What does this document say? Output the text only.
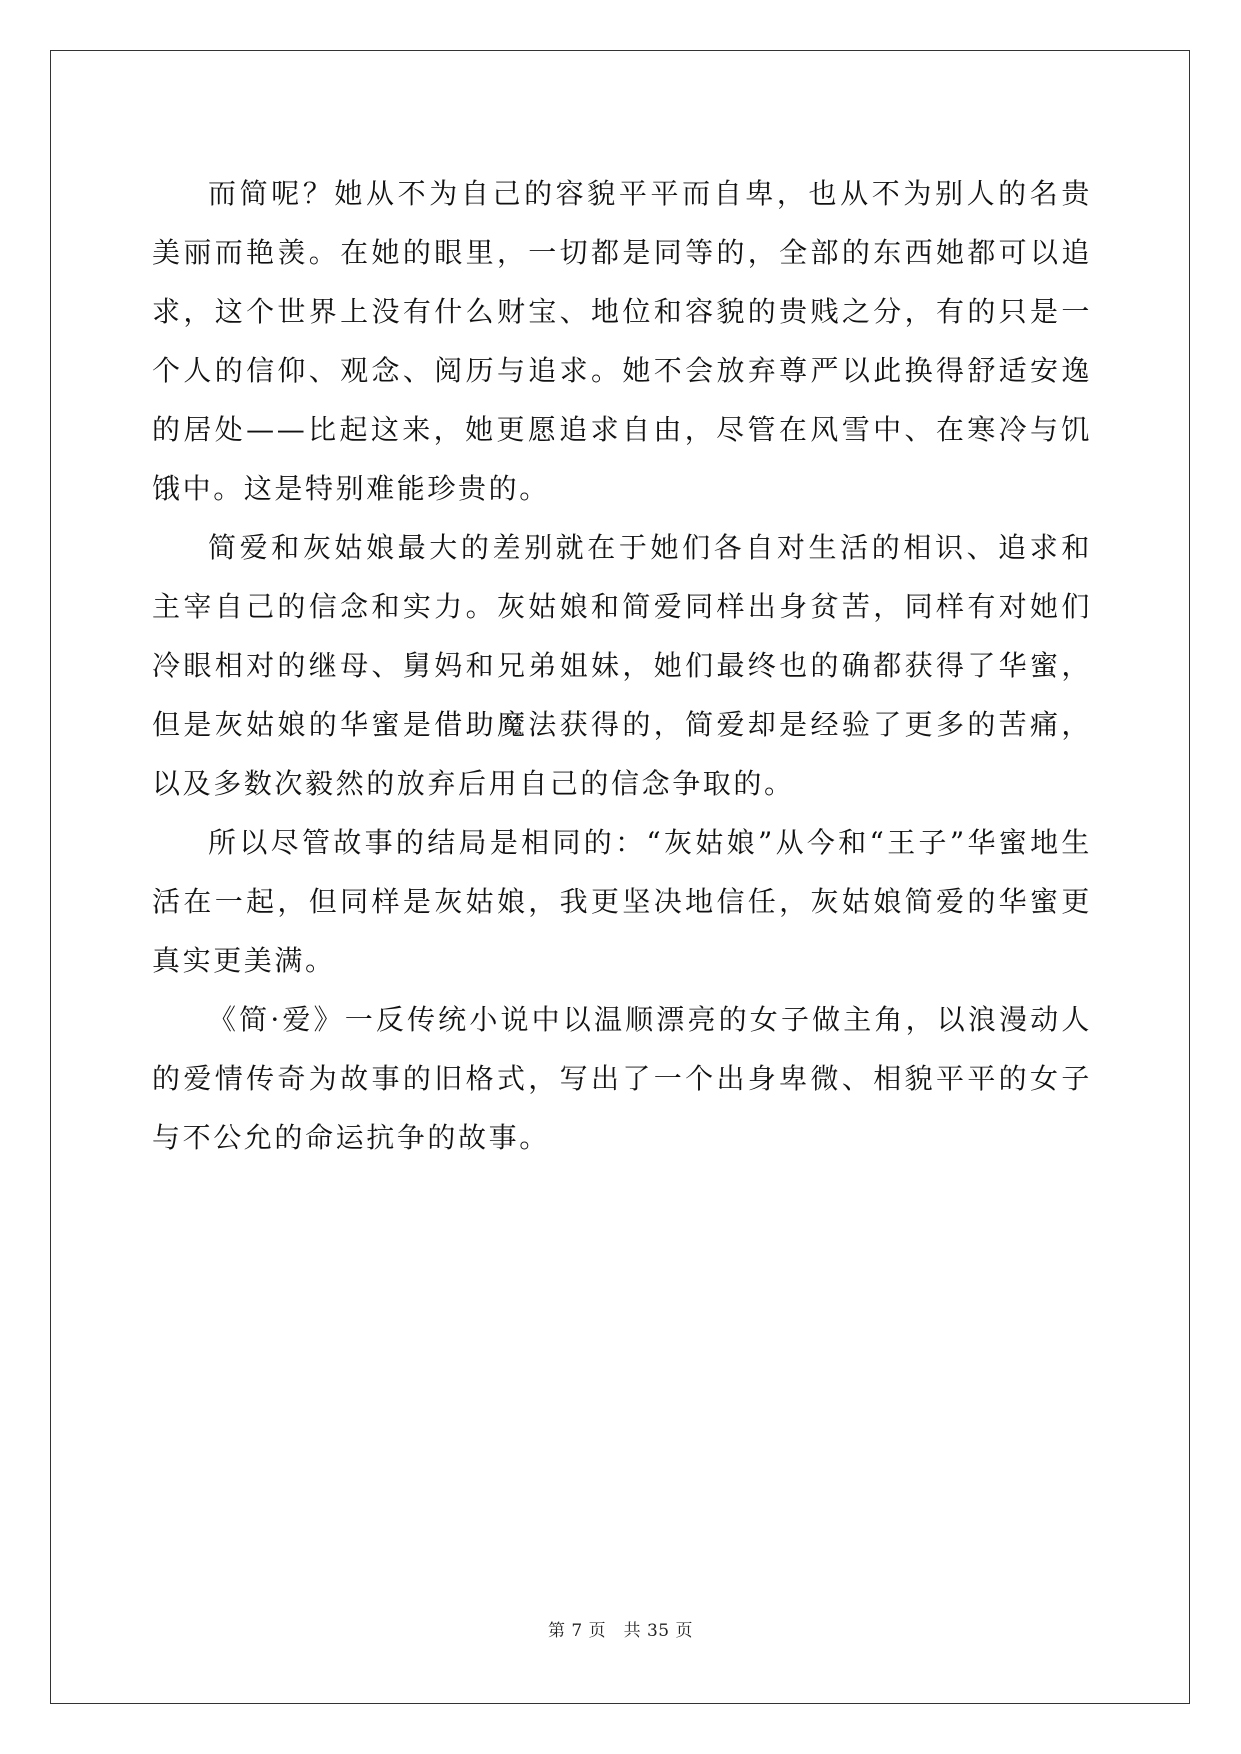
而简呢？她从不为自己的容貌平平而自卑，也从不为别人的名贵美丽而艳羡。在她的眼里，一切都是同等的，全部的东西她都可以追求，这个世界上没有什么财宝、地位和容貌的贵贱之分，有的只是一个人的信仰、观念、阅历与追求。她不会放弃尊严以此换得舒适安逸的居处——比起这来，她更愿追求自由，尽管在风雪中、在寒冷与饥饿中。这是特别难能珍贵的。

简爱和灰姑娘最大的差别就在于她们各自对生活的相识、追求和主宰自己的信念和实力。灰姑娘和简爱同样出身贫苦，同样有对她们冷眼相对的继母、舅妈和兄弟姐妹，她们最终也的确都获得了华蜜，但是灰姑娘的华蜜是借助魔法获得的，简爱却是经验了更多的苦痛，以及多数次毅然的放弃后用自己的信念争取的。

所以尽管故事的结局是相同的：“灰姑娘”从今和“王子”华蜜地生活在一起，但同样是灰姑娘，我更坚决地信任，灰姑娘简爱的华蜜更真实更美满。

《简·爱》一反传统小说中以温顺漂亮的女子做主角，以浪漫动人的爱情传奇为故事的旧格式，写出了一个出身卑微、相貌平平的女子与不公允的命运抗争的故事。

第 7 页　共 35 页
